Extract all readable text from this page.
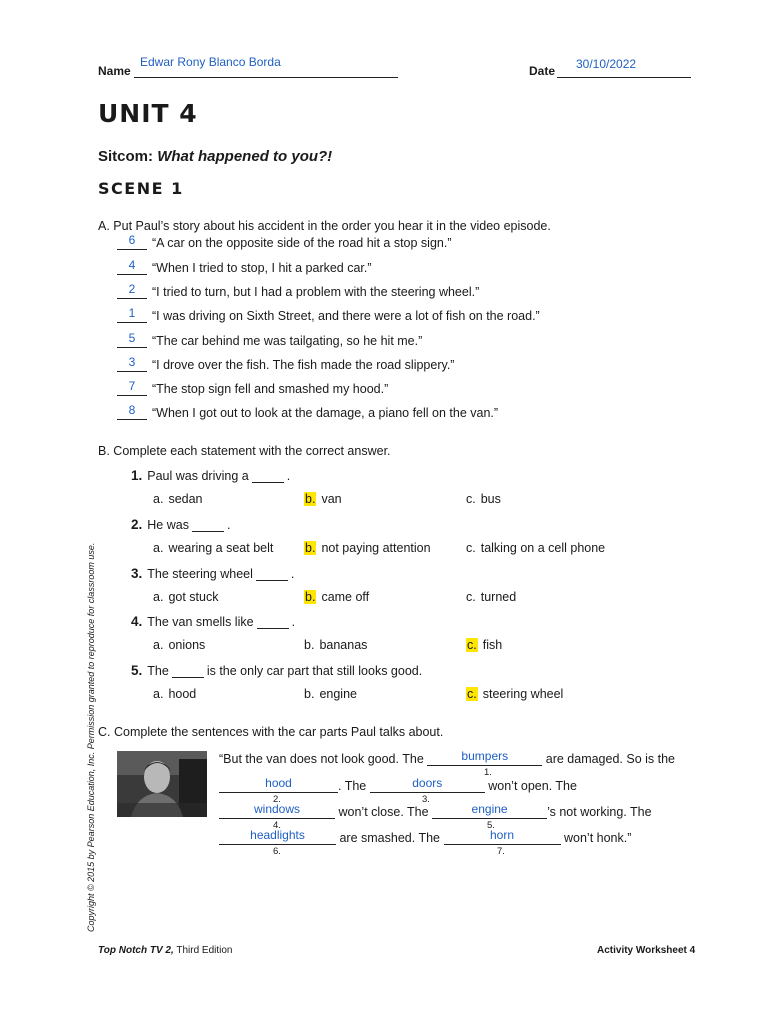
Name
Edwar Rony Blanco Borda
Date 30/10/2022
UNIT 4
Sitcom: What happened to you?!
SCENE 1
A. Put Paul’s story about his accident in the order you hear it in the video episode.
6	“A car on the opposite side of the road hit a stop sign.”
4	“When I tried to stop, I hit a parked car.”
2	“I tried to turn, but I had a problem with the steering wheel.”
1	“I was driving on Sixth Street, and there were a lot of fish on the road.”
5	“The car behind me was tailgating, so he hit me.”
3	“I drove over the fish. The fish made the road slippery.”
7	“The stop sign fell and smashed my hood.”
8	“When I got out to look at the damage, a piano fell on the van.”
B. Complete each statement with the correct answer.
1. Paul was driving a	.
a. sedan	b. van	c. bus
2. He was	.
a. wearing a seat belt	b. not paying attention	c. talking on a cell phone
3. The steering wheel	.
a. got stuck	b. came off	c. turned
4. The van smells like	.
a. onions	b. bananas	c. fish
5. The	is the only car part that still looks good.
a. hood	b. engine	c. steering wheel
C. Complete the sentences with the car parts Paul talks about.
“But the van does not look good. The	bumpers	are damaged. So is the
1.
hood	. The	doors	won’t open. The
2.	3.
windows	won’t close. The	engine	’s not working. The
4.	5.
headlights	are smashed. The	horn	won’t honk.”
6.	7.
Copyright © 2015 by Pearson Education, Inc. Permission granted to reproduce for classroom use.
Top Notch TV 2, Third Edition	Activity Worksheet 4
